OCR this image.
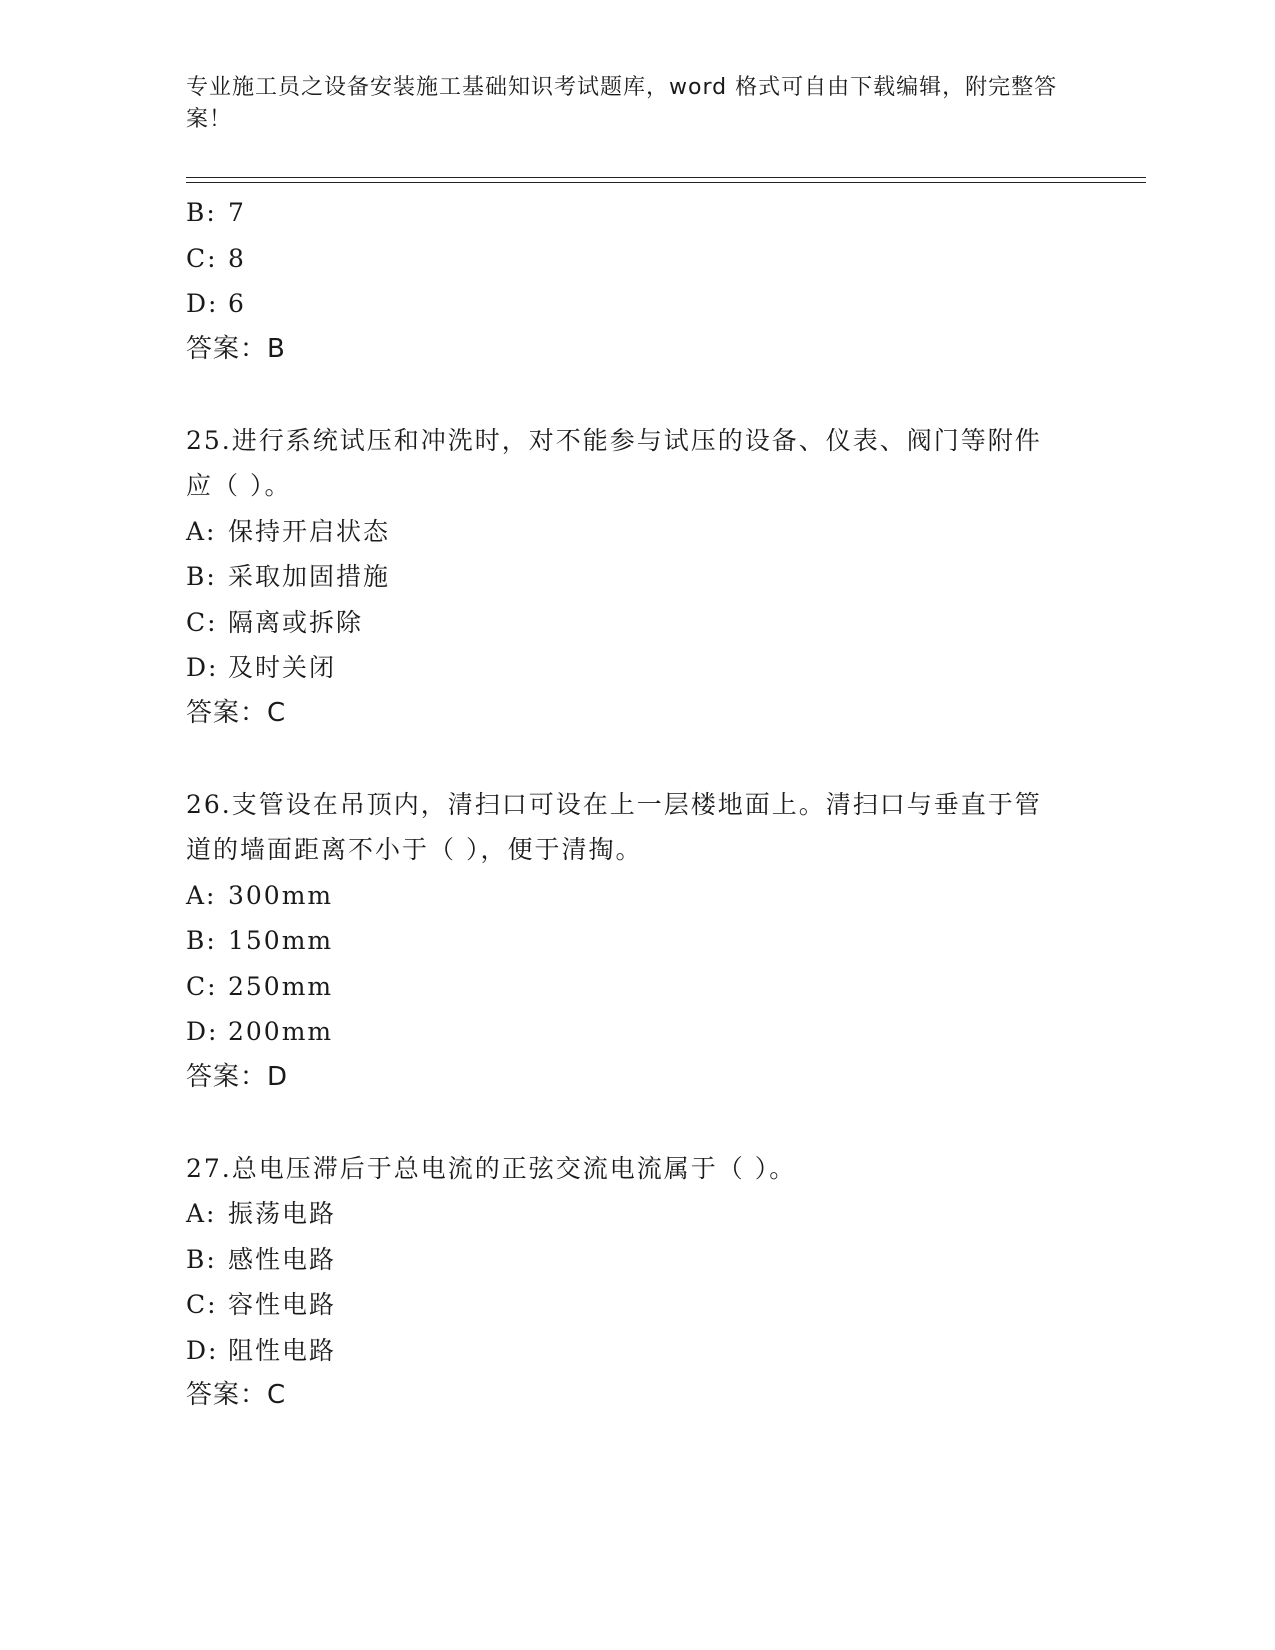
专业施工员之设备安装施工基础知识考试题库，word 格式可自由下载编辑，附完整答案！
B: 7
C: 8
D: 6
答案：B
25.进行系统试压和冲洗时，对不能参与试压的设备、仪表、阀门等附件应（ ）。
A: 保持开启状态
B: 采取加固措施
C: 隔离或拆除
D: 及时关闭
答案：C
26.支管设在吊顶内，清扫口可设在上一层楼地面上。清扫口与垂直于管道的墙面距离不小于（ ），便于清掏。
A: 300mm
B: 150mm
C: 250mm
D: 200mm
答案：D
27.总电压滞后于总电流的正弦交流电流属于（ ）。
A: 振荡电路
B: 感性电路
C: 容性电路
D: 阻性电路
答案：C
